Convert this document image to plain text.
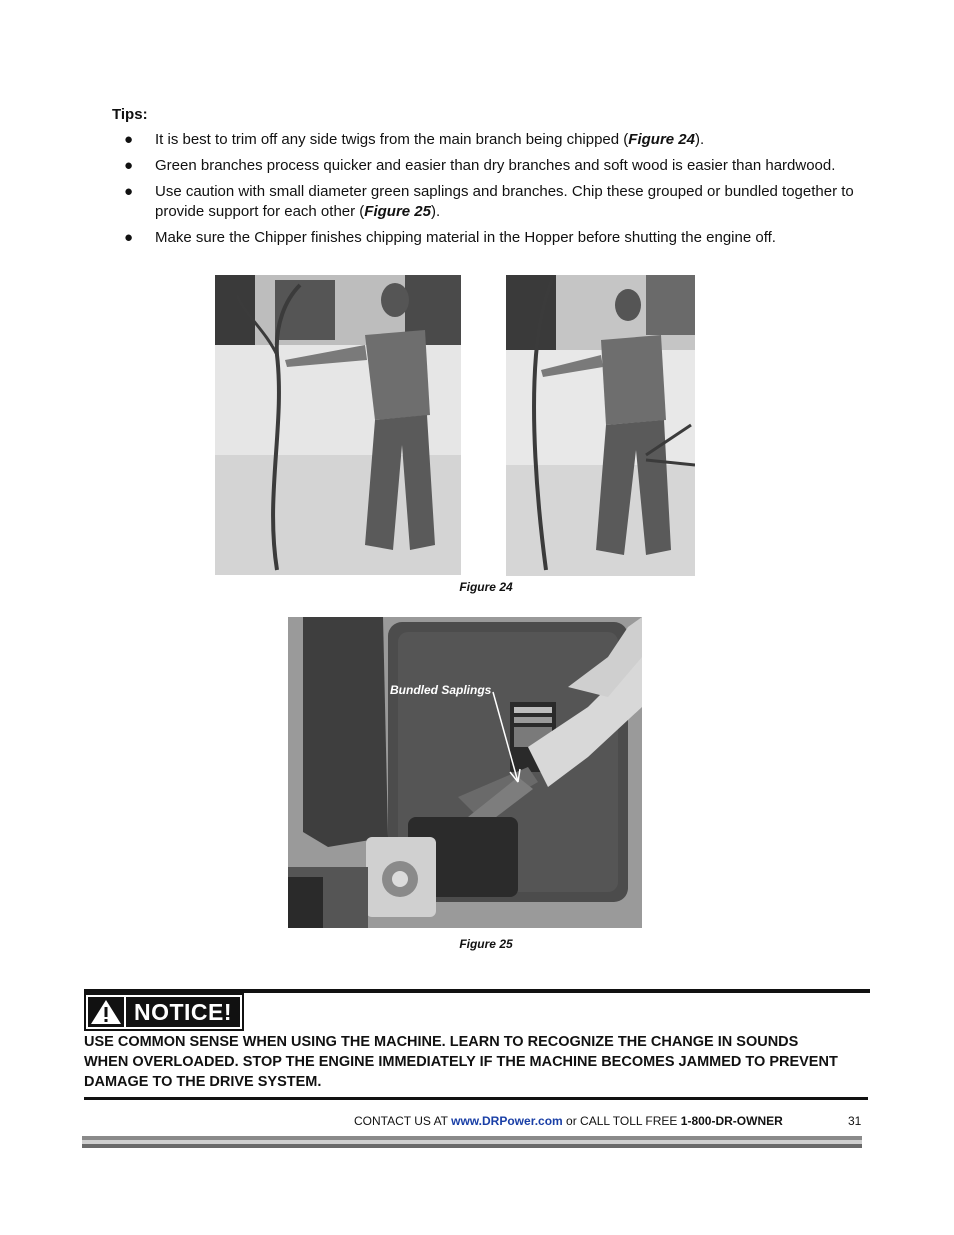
Tips:
● It is best to trim off any side twigs from the main branch being chipped (Figure 24).
● Green branches process quicker and easier than dry branches and soft wood is easier than hardwood.
● Use caution with small diameter green saplings and branches. Chip these grouped or bundled together to provide support for each other (Figure 25).
● Make sure the Chipper finishes chipping material in the Hopper before shutting the engine off.
Figure 24
Bundled Saplings
Figure 25
NOTICE!
USE COMMON SENSE WHEN USING THE MACHINE. LEARN TO RECOGNIZE THE CHANGE IN SOUNDS WHEN OVERLOADED. STOP THE ENGINE IMMEDIATELY IF THE MACHINE BECOMES JAMMED TO PREVENT DAMAGE TO THE DRIVE SYSTEM.
CONTACT US AT www.DRPower.com or CALL TOLL FREE 1-800-DR-OWNER	31
